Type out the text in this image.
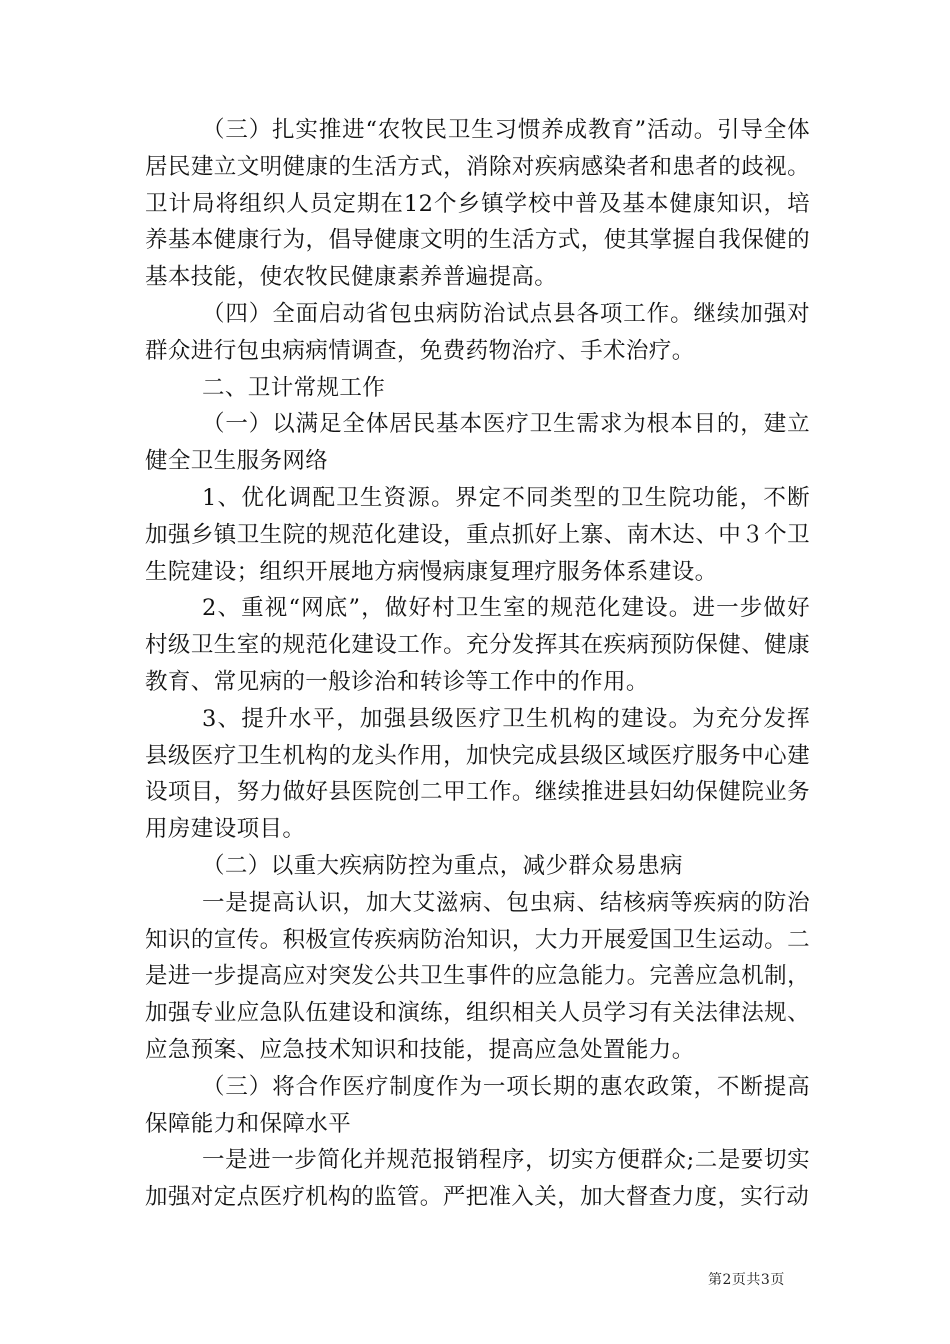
（三）扎实推进“农牧民卫生习惯养成教育”活动。引导全体居民建立文明健康的生活方式，消除对疾病感染者和患者的歧视。卫计局将组织人员定期在12个乡镇学校中普及基本健康知识，培养基本健康行为，倡导健康文明的生活方式，使其掌握自我保健的基本技能，使农牧民健康素养普遍提高。

（四）全面启动省包虫病防治试点县各项工作。继续加强对群众进行包虫病病情调查，免费药物治疗、手术治疗。

二、卫计常规工作

（一）以满足全体居民基本医疗卫生需求为根本目的，建立健全卫生服务网络

1、优化调配卫生资源。界定不同类型的卫生院功能，不断加强乡镇卫生院的规范化建设，重点抓好上寨、南木达、中３个卫生院建设；组织开展地方病慢病康复理疗服务体系建设。

2、重视“网底”，做好村卫生室的规范化建设。进一步做好村级卫生室的规范化建设工作。充分发挥其在疾病预防保健、健康教育、常见病的一般诊治和转诊等工作中的作用。

3、提升水平，加强县级医疗卫生机构的建设。为充分发挥县级医疗卫生机构的龙头作用，加快完成县级区域医疗服务中心建设项目，努力做好县医院创二甲工作。继续推进县妇幼保健院业务用房建设项目。

（二）以重大疾病防控为重点，减少群众易患病

一是提高认识，加大艾滋病、包虫病、结核病等疾病的防治知识的宣传。积极宣传疾病防治知识，大力开展爱国卫生运动。二是进一步提高应对突发公共卫生事件的应急能力。完善应急机制，加强专业应急队伍建设和演练，组织相关人员学习有关法律法规、应急预案、应急技术知识和技能，提高应急处置能力。

（三）将合作医疗制度作为一项长期的惠农政策，不断提高保障能力和保障水平

一是进一步简化并规范报销程序，切实方便群众;二是要切实加强对定点医疗机构的监管。严把准入关，加大督查力度，实行动

第2页共3页
